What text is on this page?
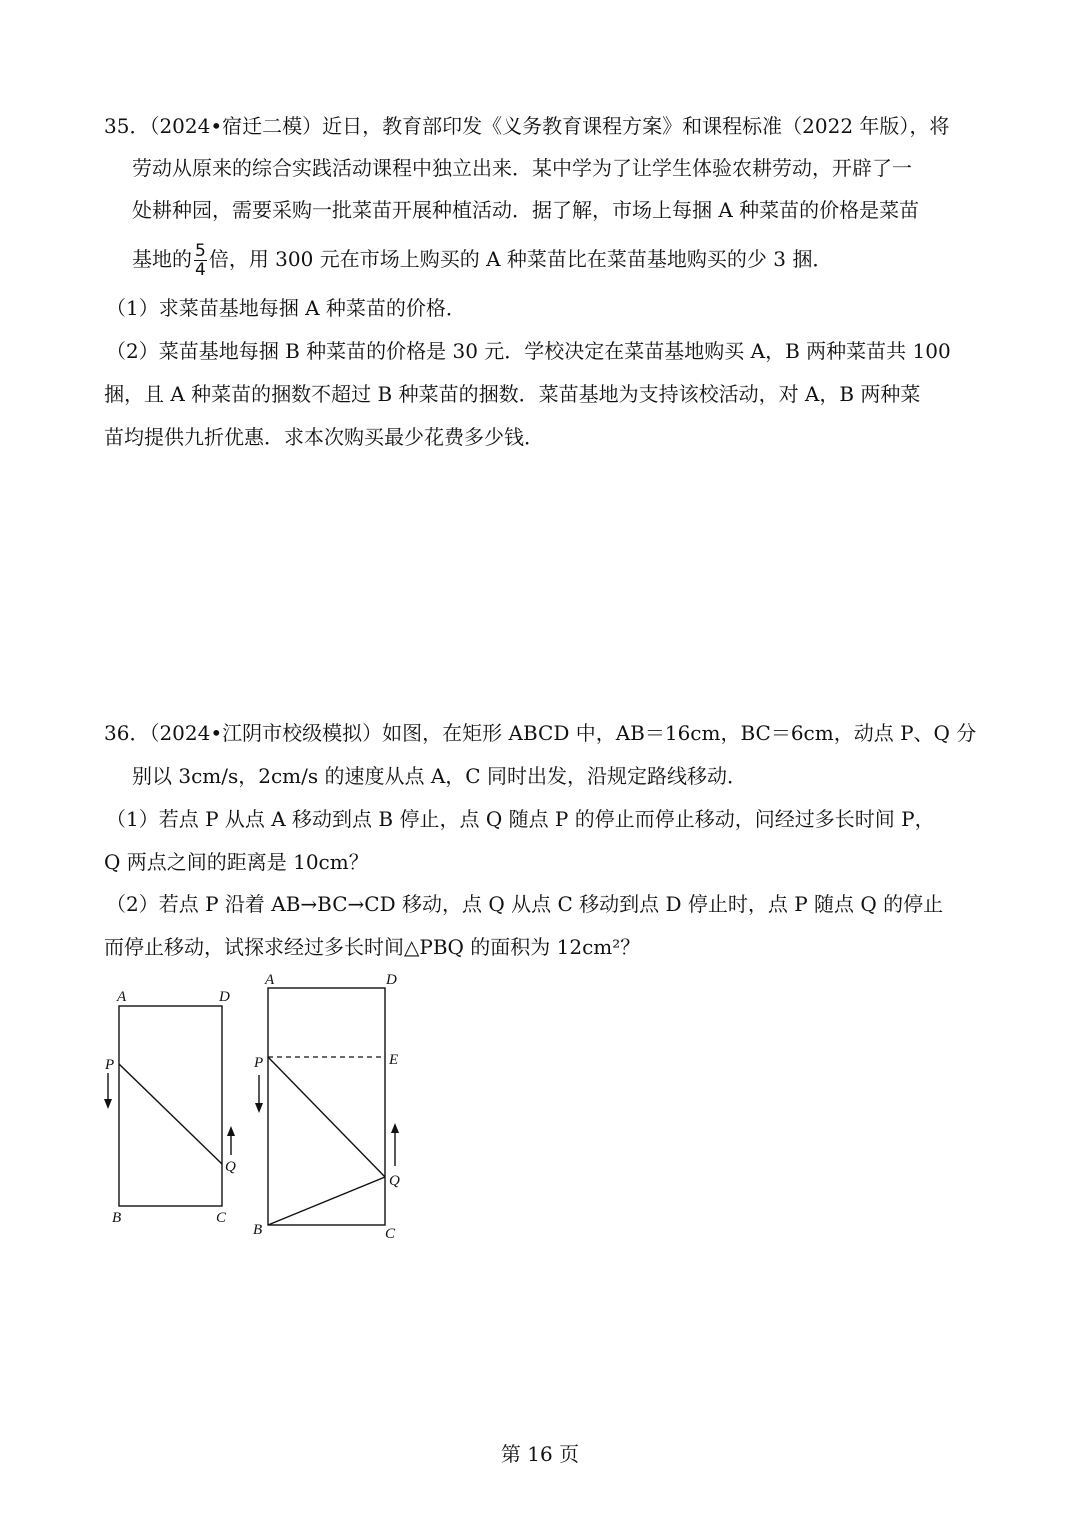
35．（2024•宿迁二模）近日，教育部印发《义务教育课程方案》和课程标准（2022 年版），将
劳动从原来的综合实践活动课程中独立出来．某中学为了让学生体验农耕劳动，开辟了一
处耕种园，需要采购一批菜苗开展种植活动．据了解，市场上每捆 A 种菜苗的价格是菜苗
基地的 $\frac{5}{4}$ 倍，用 300 元在市场上购买的 A 种菜苗比在菜苗基地购买的少 3 捆．
（1）求菜苗基地每捆 A 种菜苗的价格．
（2）菜苗基地每捆 B 种菜苗的价格是 30 元．学校决定在菜苗基地购买 A，B 两种菜苗共 100
捆，且 A 种菜苗的捆数不超过 B 种菜苗的捆数．菜苗基地为支持该校活动，对 A，B 两种菜
苗均提供九折优惠．求本次购买最少花费多少钱．
36．（2024•江阴市校级模拟）如图，在矩形 ABCD 中，AB＝16cm，BC＝6cm，动点 P、Q 分
别以 3cm/s，2cm/s 的速度从点 A，C 同时出发，沿规定路线移动．
（1）若点 P 从点 A 移动到点 B 停止，点 Q 随点 P 的停止而停止移动，问经过多长时间 P，
Q 两点之间的距离是 10cm？
（2）若点 P 沿着 AB→BC→CD 移动，点 Q 从点 C 移动到点 D 停止时，点 P 随点 Q 的停止
而停止移动，试探求经过多长时间△PBQ 的面积为 12cm²？
A	D
P
Q
B	C
A	D
P	E
Q
B	C
第 16 页
